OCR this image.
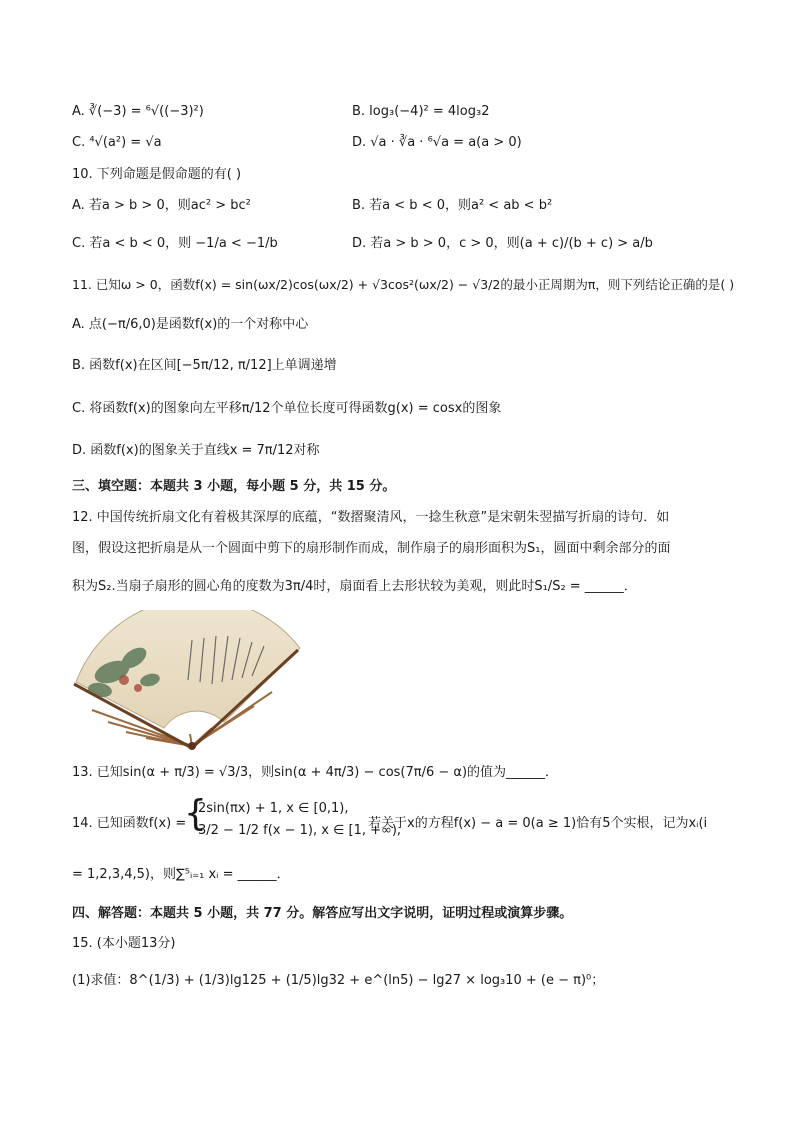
A. ∛(−3) = ⁶√((−3)²)	B. log₃(−4)² = 4log₃2
C. ⁴√(a²) = √a	D. √a · ∛a · ⁶√a = a(a > 0)
10. 下列命题是假命题的有( )
A. 若a > b > 0，则ac² > bc²	B. 若a < b < 0，则a² < ab < b²
C. 若a < b < 0，则 −1/a < −1/b	D. 若a > b > 0，c > 0，则(a + c)/(b + c) > a/b
11. 已知ω > 0，函数f(x) = sin(ωx/2)cos(ωx/2) + √3cos²(ωx/2) − √3/2的最小正周期为π，则下列结论正确的是( )
A. 点(−π/6,0)是函数f(x)的一个对称中心
B. 函数f(x)在区间[−5π/12, π/12]上单调递增
C. 将函数f(x)的图象向左平移π/12个单位长度可得函数g(x) = cosx的图象
D. 函数f(x)的图象关于直线x = 7π/12对称
三、填空题：本题共 3 小题，每小题 5 分，共 15 分。
12. 中国传统折扇文化有着极其深厚的底蕴，“数摺聚清风，一捻生秋意”是宋朝朱翌描写折扇的诗句．如
图，假设这把折扇是从一个圆面中剪下的扇形制作而成，制作扇子的扇形面积为S₁，圆面中剩余部分的面
积为S₂.当扇子扇形的圆心角的度数为3π/4时，扇面看上去形状较为美观，则此时S₁/S₂ = ______．
13. 已知sin(α + π/3) = √3/3，则sin(α + 4π/3) − cos(7π/6 − α)的值为______．
14. 已知函数f(x) =
{
2sin(πx) + 1, x ∈ [0,1),
3/2 − 1/2 f(x − 1), x ∈ [1, +∞),
若关于x的方程f(x) − a = 0(a ≥ 1)恰有5个实根，记为xᵢ(i
= 1,2,3,4,5)，则∑⁵ᵢ₌₁ xᵢ = ______．
四、解答题：本题共 5 小题，共 77 分。解答应写出文字说明，证明过程或演算步骤。
15. (本小题13分)
(1)求值：8^(1/3) + (1/3)lg125 + (1/5)lg32 + e^(ln5) − lg27 × log₃10 + (e − π)⁰；
